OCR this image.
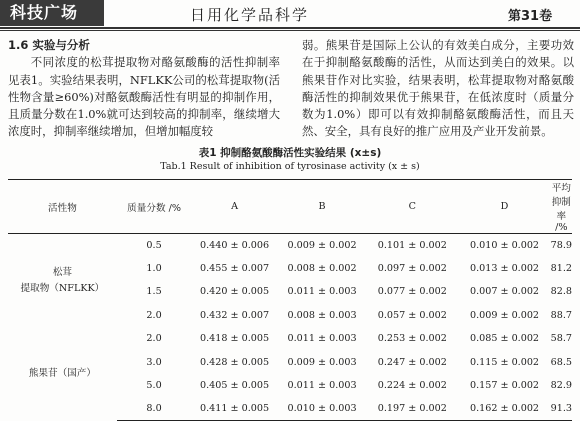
科技广场	日用化学品科学	第31卷

1.6 实验与分析

不同浓度的松茸提取物对酪氨酸酶的活性抑制率见表1。实验结果表明，NFLKK公司的松茸提取物(活性物含量≥60%)对酪氨酸酶活性有明显的抑制作用，且质量分数在1.0%就可达到较高的抑制率，继续增大浓度时，抑制率继续增加，但增加幅度较

弱。熊果苷是国际上公认的有效美白成分，主要功效在于抑制酪氨酸酶的活性，从而达到美白的效果。以熊果苷作对比实验，结果表明，松茸提取物对酪氨酸酶活性的抑制效果优于熊果苷，在低浓度时（质量分数为1.0%）即可以有效抑制酪氨酸酶活性，而且天然、安全，具有良好的推广应用及产业开发前景。

表1 抑制酪氨酸酶活性实验结果 (x±s)
Tab.1 Result of inhibition of tyrosinase activity (x ± s)
活性物	质量分数 /%	A	B	C	D	平均抑制率 /%

松茸
提取物（NFLKK）	0.5	0.440 ± 0.006	0.009 ± 0.002	0.101 ± 0.002	0.010 ± 0.002	78.9
	1.0	0.455 ± 0.007	0.008 ± 0.002	0.097 ± 0.002	0.013 ± 0.002	81.2
	1.5	0.420 ± 0.005	0.011 ± 0.003	0.077 ± 0.002	0.007 ± 0.002	82.8
	2.0	0.432 ± 0.007	0.008 ± 0.003	0.057 ± 0.002	0.009 ± 0.002	88.7

熊果苷（国产）	2.0	0.418 ± 0.005	0.011 ± 0.003	0.253 ± 0.002	0.085 ± 0.002	58.7
	3.0	0.428 ± 0.005	0.009 ± 0.003	0.247 ± 0.002	0.115 ± 0.002	68.5
	5.0	0.405 ± 0.005	0.011 ± 0.003	0.224 ± 0.002	0.157 ± 0.002	82.9
	8.0	0.411 ± 0.005	0.010 ± 0.003	0.197 ± 0.002	0.162 ± 0.002	91.3
